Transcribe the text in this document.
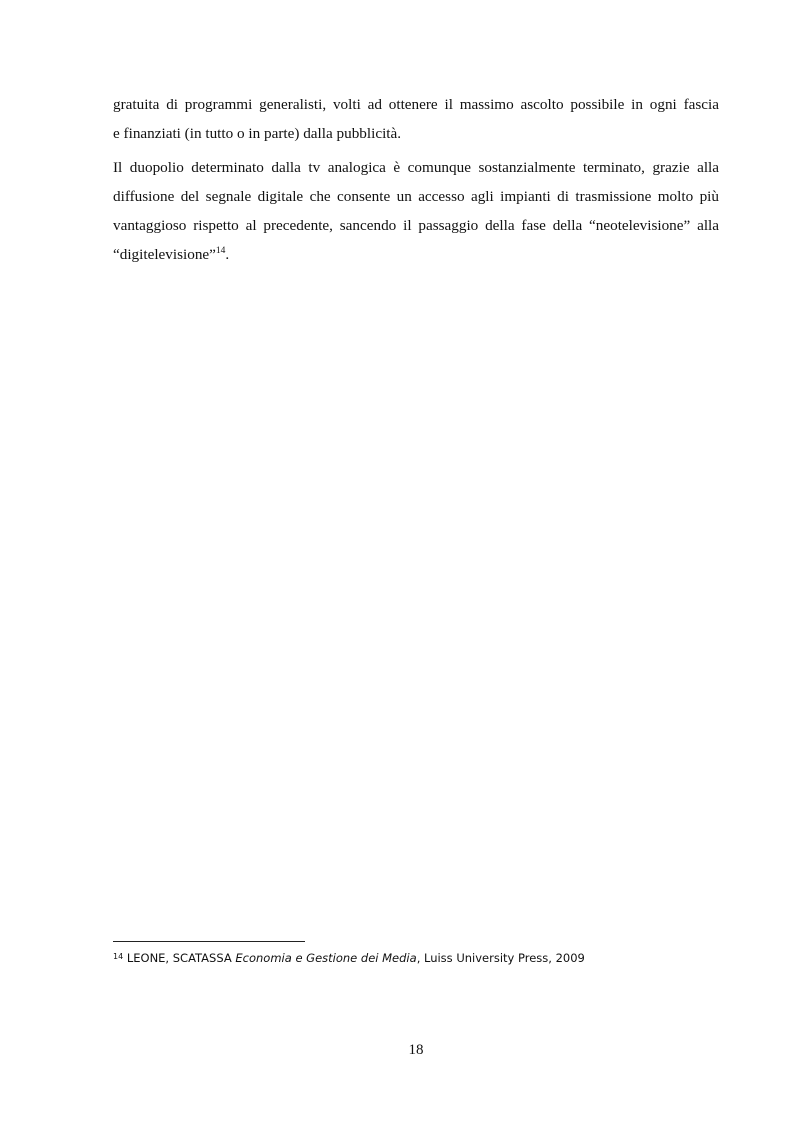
gratuita di programmi generalisti, volti ad ottenere il massimo ascolto possibile in ogni fascia
e finanziati (in tutto o in parte) dalla pubblicità.

Il duopolio determinato dalla tv analogica è comunque sostanzialmente terminato, grazie alla
diffusione del segnale digitale che consente un accesso agli impianti di trasmissione molto più
vantaggioso rispetto al precedente, sancendo il passaggio della fase della “neotelevisione” alla
“digitelevisione”$^{14}$.

$^{14}$ LEONE, SCATASSA Economia e Gestione dei Media, Luiss University Press, 2009
18
